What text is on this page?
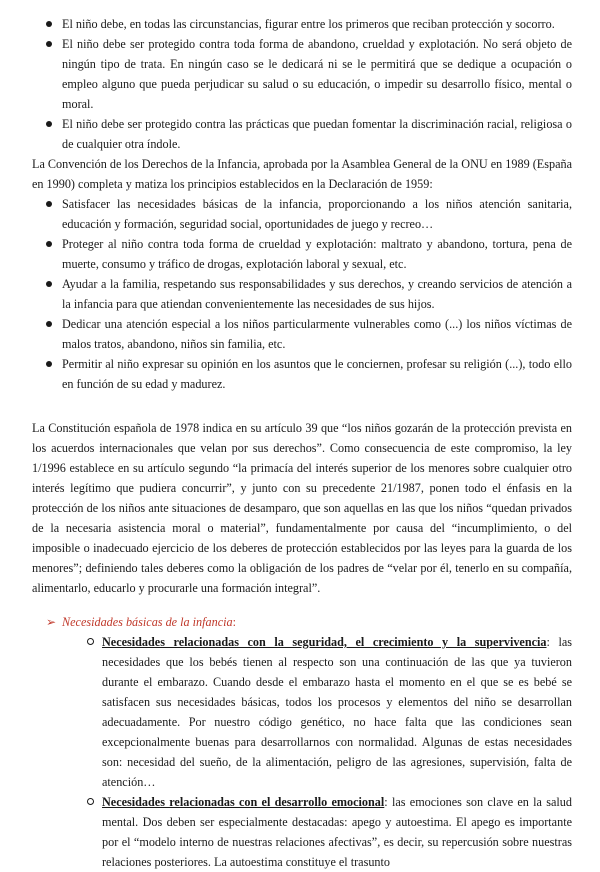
El niño debe, en todas las circunstancias, figurar entre los primeros que reciban protección y socorro.
El niño debe ser protegido contra toda forma de abandono, crueldad y explotación. No será objeto de ningún tipo de trata. En ningún caso se le dedicará ni se le permitirá que se dedique a ocupación o empleo alguno que pueda perjudicar su salud o su educación, o impedir su desarrollo físico, mental o moral.
El niño debe ser protegido contra las prácticas que puedan fomentar la discriminación racial, religiosa o de cualquier otra índole.

La Convención de los Derechos de la Infancia, aprobada por la Asamblea General de la ONU en 1989 (España en 1990) completa y matiza los principios establecidos en la Declaración de 1959:

Satisfacer las necesidades básicas de la infancia, proporcionando a los niños atención sanitaria, educación y formación, seguridad social, oportunidades de juego y recreo…
Proteger al niño contra toda forma de crueldad y explotación: maltrato y abandono, tortura, pena de muerte, consumo y tráfico de drogas, explotación laboral y sexual, etc.
Ayudar a la familia, respetando sus responsabilidades y sus derechos, y creando servicios de atención a la infancia para que atiendan convenientemente las necesidades de sus hijos.
Dedicar una atención especial a los niños particularmente vulnerables como (...) los niños víctimas de malos tratos, abandono, niños sin familia, etc.
Permitir al niño expresar su opinión en los asuntos que le conciernen, profesar su religión (...), todo ello en función de su edad y madurez.

La Constitución española de 1978 indica en su artículo 39 que “los niños gozarán de la protección prevista en los acuerdos internacionales que velan por sus derechos”. Como consecuencia de este compromiso, la ley 1/1996 establece en su artículo segundo “la primacía del interés superior de los menores sobre cualquier otro interés legítimo que pudiera concurrir”, y junto con su precedente 21/1987, ponen todo el énfasis en la protección de los niños ante situaciones de desamparo, que son aquellas en las que los niños “quedan privados de la necesaria asistencia moral o material”, fundamentalmente por causa del “incumplimiento, o del imposible o inadecuado ejercicio de los deberes de protección establecidos por las leyes para la guarda de los menores”; definiendo tales deberes como la obligación de los padres de “velar por él, tenerlo en su compañía, alimentarlo, educarlo y procurarle una formación integral”.

➢ Necesidades básicas de la infancia :
Necesidades relacionadas con la seguridad, el crecimiento y la supervivencia: las necesidades que los bebés tienen al respecto son una continuación de las que ya tuvieron durante el embarazo. Cuando desde el embarazo hasta el momento en el que se es bebé se satisfacen sus necesidades básicas, todos los procesos y elementos del niño se desarrollan adecuadamente. Por nuestro código genético, no hace falta que las condiciones sean excepcionalmente buenas para desarrollarnos con normalidad. Algunas de estas necesidades son: necesidad del sueño, de la alimentación, peligro de las agresiones, supervisión, falta de atención…
Necesidades relacionadas con el desarrollo emocional: las emociones son clave en la salud mental. Dos deben ser especialmente destacadas: apego y autoestima. El apego es importante por el “modelo interno de nuestras relaciones afectivas”, es decir, su repercusión sobre nuestras relaciones posteriores. La autoestima constituye el trasunto
